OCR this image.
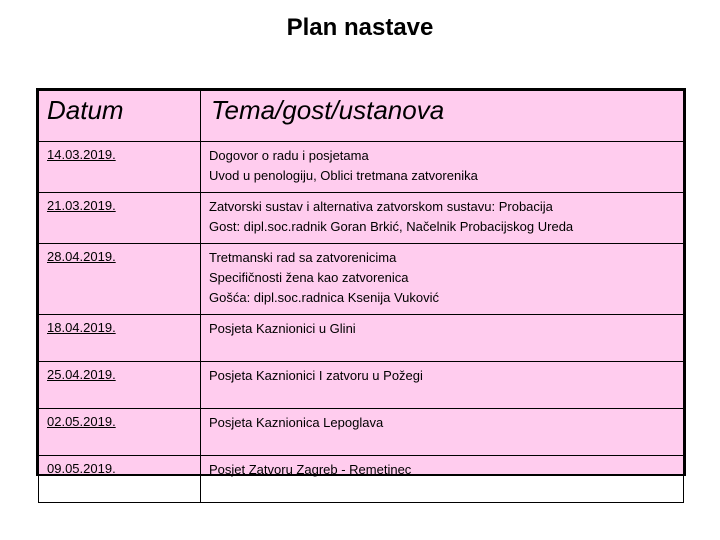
Plan nastave
Datum	Tema/gost/ustanova
14.03.2019.	Dogovor o radu i posjetama
Uvod u penologiju, Oblici tretmana zatvorenika

21.03.2019.	Zatvorski sustav i alternativa zatvorskom sustavu: Probacija
Gost: dipl.soc.radnik Goran Brkić, Načelnik Probacijskog Ureda

28.04.2019.	Tretmanski rad sa zatvorenicima
Specifičnosti žena kao zatvorenica
Gošća: dipl.soc.radnica Ksenija Vuković

18.04.2019.	Posjeta Kaznionici u Glini

25.04.2019.	Posjeta Kaznionici I zatvoru u Požegi

02.05.2019.	Posjeta Kaznionica Lepoglava

09.05.2019.	Posjet Zatvoru Zagreb - Remetinec
